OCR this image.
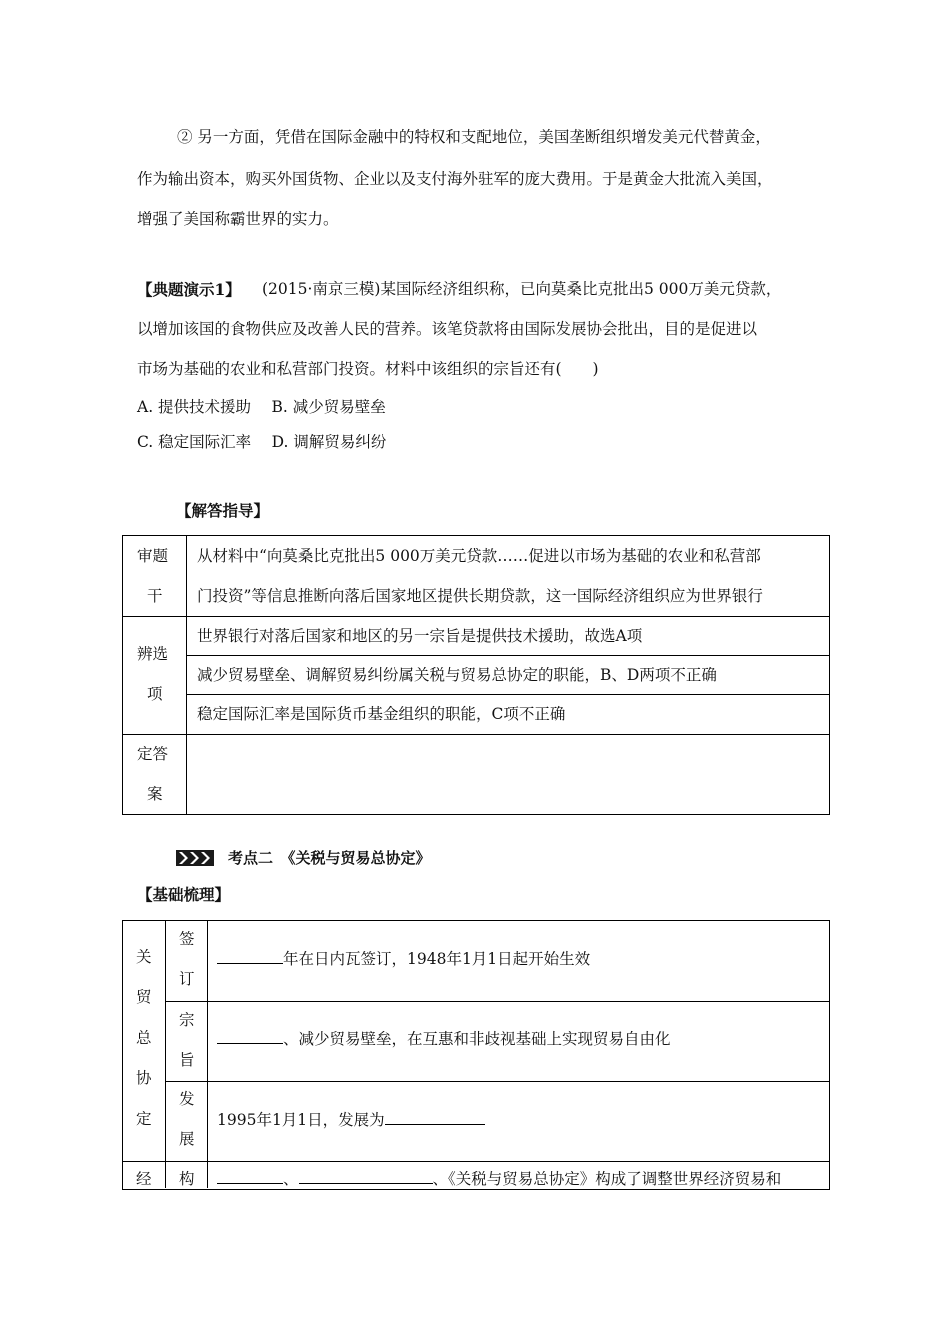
② 另一方面，凭借在国际金融中的特权和支配地位，美国垄断组织增发美元代替黄金，
作为输出资本，购买外国货物、企业以及支付海外驻军的庞大费用。于是黄金大批流入美国，
增强了美国称霸世界的实力。
【典题演示1】 (2015·南京三模)某国际经济组织称，已向莫桑比克批出5 000万美元贷款，
以增加该国的食物供应及改善人民的营养。该笔贷款将由国际发展协会批出，目的是促进以
市场为基础的农业和私营部门投资。材料中该组织的宗旨还有(　　)
A. 提供技术援助　 B. 减少贸易壁垒
C. 稳定国际汇率　 D. 调解贸易纠纷
【解答指导】
审题
干
从材料中“向莫桑比克批出5 000万美元贷款……促进以市场为基础的农业和私营部
门投资”等信息推断向落后国家地区提供长期贷款，这一国际经济组织应为世界银行
辨选
项
世界银行对落后国家和地区的另一宗旨是提供技术援助，故选A项
减少贸易壁垒、调解贸易纠纷属关税与贸易总协定的职能，B、D两项不正确
稳定国际汇率是国际货币基金组织的职能，C项不正确
定答
案
考点二　《关税与贸易总协定》
【基础梳理】
关
贸
总
协
定
签
订
年在日内瓦签订，1948年1月1日起开始生效
宗
旨
、减少贸易壁垒，在互惠和非歧视基础上实现贸易自由化
发
展
1995年1月1日，发展为
经 构	、	、《关税与贸易总协定》构成了调整世界经济贸易和
